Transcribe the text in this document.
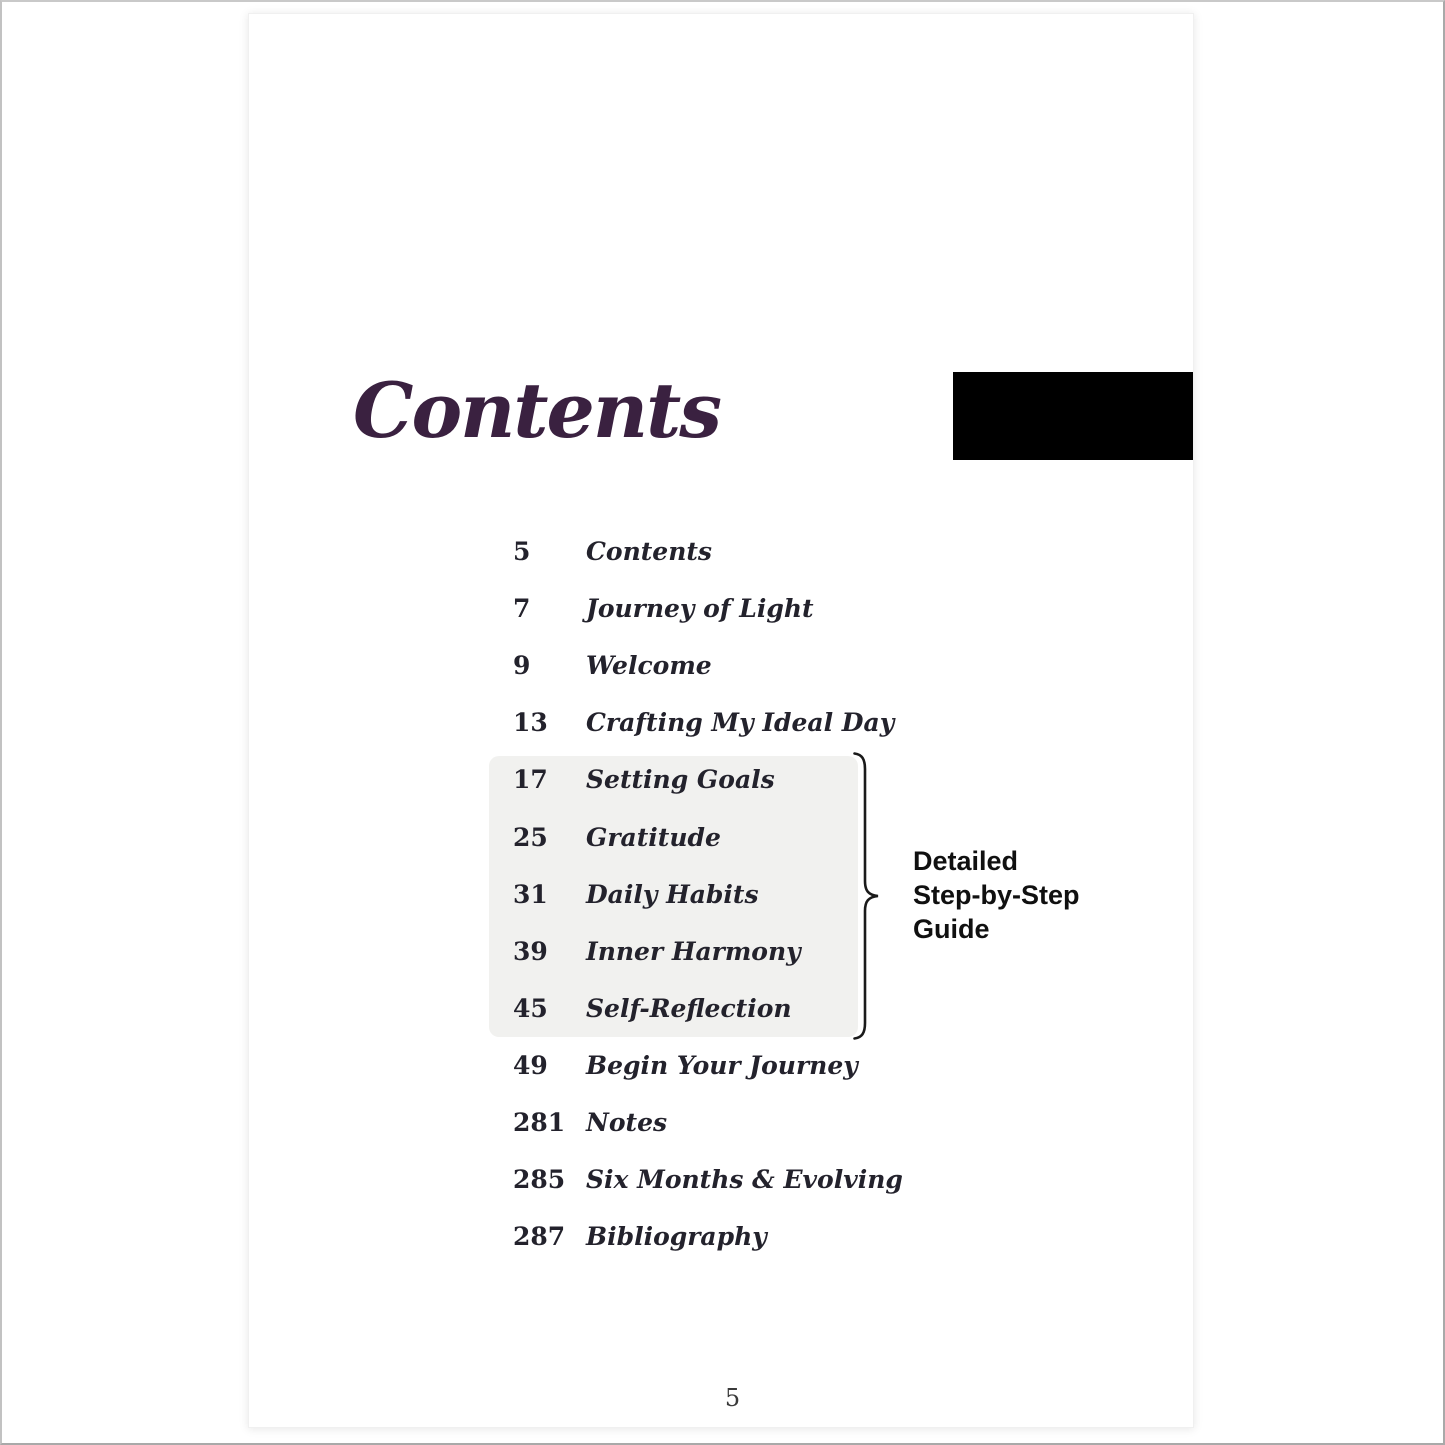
Contents
Detailed
Step-by-Step
Guide
5	Contents
7	Journey of Light
9	Welcome
13	Crafting My Ideal Day
17	Setting Goals
25	Gratitude
31	Daily Habits
39	Inner Harmony
45	Self-Reflection
49	Begin Your Journey
281 Notes
285 Six Months & Evolving
287 Bibliography
5
